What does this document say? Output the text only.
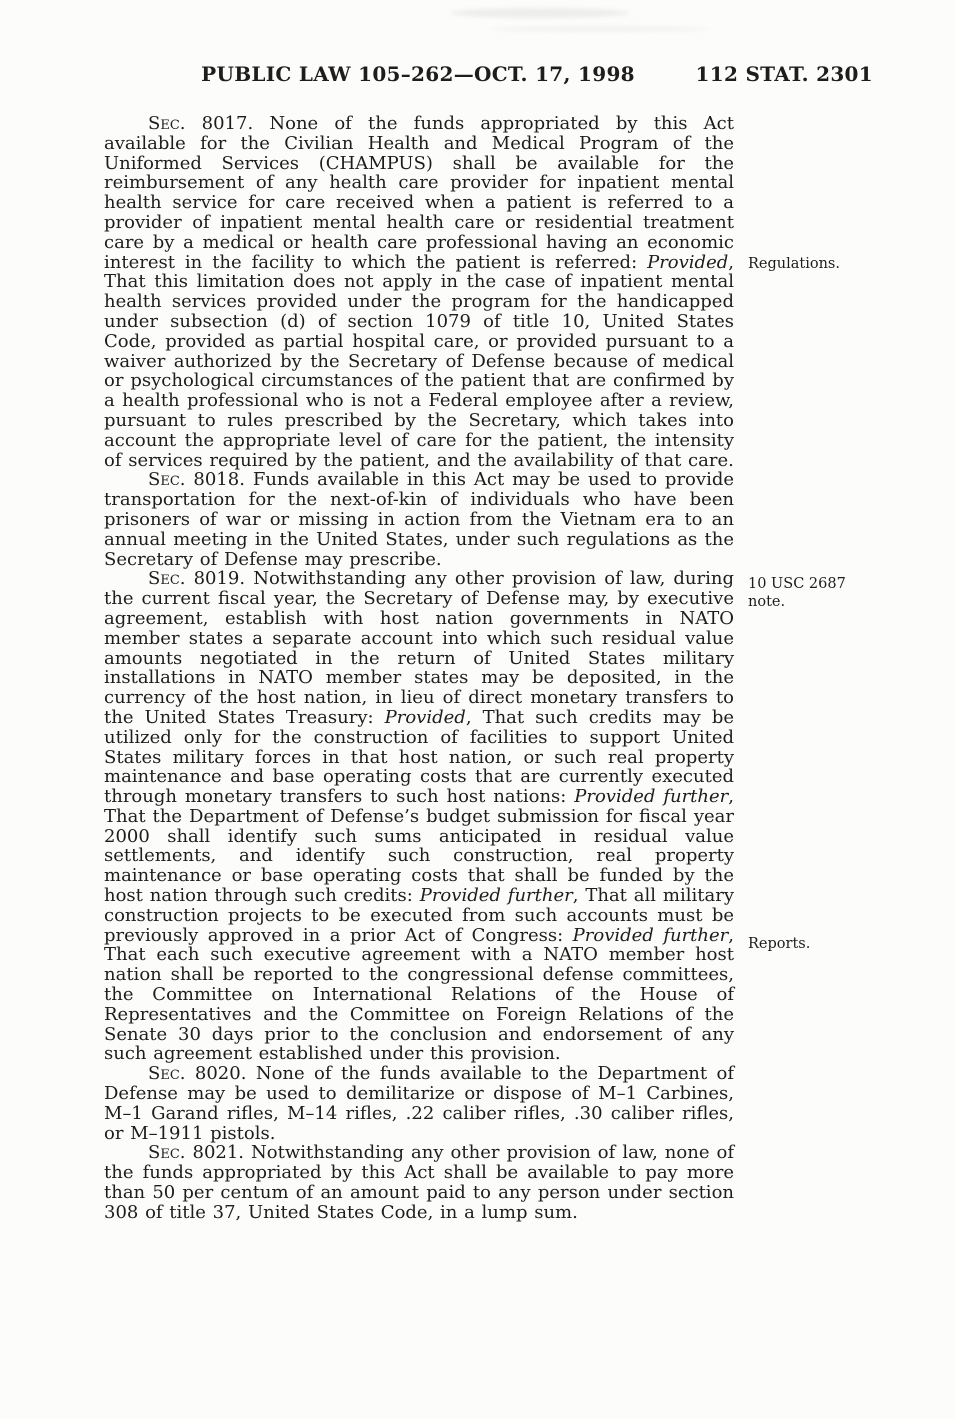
PUBLIC LAW 105–262—OCT. 17, 1998	112 STAT. 2301

Sec. 8017. None of the funds appropriated by this Act available for the Civilian Health and Medical Program of the Uniformed Services (CHAMPUS) shall be available for the reimbursement of any health care provider for inpatient mental health service for care received when a patient is referred to a provider of inpatient mental health care or residential treatment care by a medical or health care professional having an economic interest in the facility to which the patient is referred: Provided, That this limitation does not apply in the case of inpatient mental health services provided under the program for the handicapped under subsection (d) of section 1079 of title 10, United States Code, provided as partial hospital care, or provided pursuant to a waiver authorized by the Secretary of Defense because of medical or psychological circumstances of the patient that are confirmed by a health professional who is not a Federal employee after a review, pursuant to rules prescribed by the Secretary, which takes into account the appropriate level of care for the patient, the intensity of services required by the patient, and the availability of that care.

Sec. 8018. Funds available in this Act may be used to provide transportation for the next-of-kin of individuals who have been prisoners of war or missing in action from the Vietnam era to an annual meeting in the United States, under such regulations as the Secretary of Defense may prescribe.

Sec. 8019. Notwithstanding any other provision of law, during the current fiscal year, the Secretary of Defense may, by executive agreement, establish with host nation governments in NATO member states a separate account into which such residual value amounts negotiated in the return of United States military installations in NATO member states may be deposited, in the currency of the host nation, in lieu of direct monetary transfers to the United States Treasury: Provided, That such credits may be utilized only for the construction of facilities to support United States military forces in that host nation, or such real property maintenance and base operating costs that are currently executed through monetary transfers to such host nations: Provided further, That the Department of Defense’s budget submission for fiscal year 2000 shall identify such sums anticipated in residual value settlements, and identify such construction, real property maintenance or base operating costs that shall be funded by the host nation through such credits: Provided further, That all military construction projects to be executed from such accounts must be previously approved in a prior Act of Congress: Provided further, That each such executive agreement with a NATO member host nation shall be reported to the congressional defense committees, the Committee on International Relations of the House of Representatives and the Committee on Foreign Relations of the Senate 30 days prior to the conclusion and endorsement of any such agreement established under this provision.

Sec. 8020. None of the funds available to the Department of Defense may be used to demilitarize or dispose of M–1 Carbines, M–1 Garand rifles, M–14 rifles, .22 caliber rifles, .30 caliber rifles, or M–1911 pistols.

Sec. 8021. Notwithstanding any other provision of law, none of the funds appropriated by this Act shall be available to pay more than 50 per centum of an amount paid to any person under section 308 of title 37, United States Code, in a lump sum.

Regulations.
10 USC 2687 note.
Reports.
